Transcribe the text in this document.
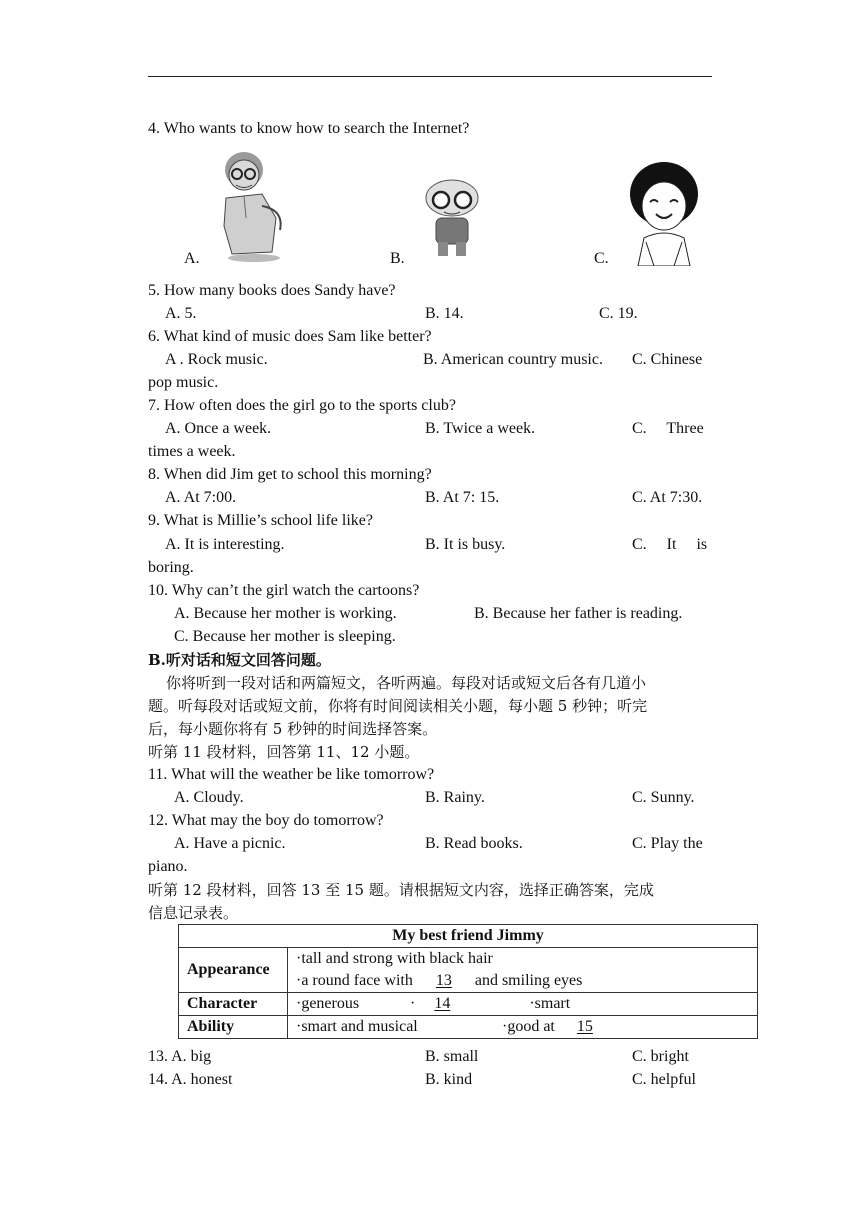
4. Who wants to know how to search the Internet?
A.	B.	C.
5. How many books does Sandy have?
A. 5.	B. 14.	C. 19.
6. What kind of music does Sam like better?
A . Rock music.	B. American country music. C. Chinese
pop music.
7. How often does the girl go to the sports club?
A. Once a week.	B. Twice a week.	C.     Three
times a week.
8. When did Jim get to school this morning?
A. At 7:00.	B. At 7: 15.	C. At 7:30.
9. What is Millie’s school life like?
A. It is interesting.	B. It is busy.	C.     It     is
boring.
10. Why can’t the girl watch the cartoons?
A. Because her mother is working.	B. Because her father is reading.
C. Because her mother is sleeping.
B.听对话和短文回答问题。
你将听到一段对话和两篇短文，各听两遍。每段对话或短文后各有几道小
题。听每段对话或短文前，你将有时间阅读相关小题，每小题 5 秒钟；听完
后，每小题你将有 5 秒钟的时间选择答案。
听第 11 段材料，回答第 11、12 小题。
11. What will the weather be like tomorrow?
A. Cloudy.	B. Rainy.	C. Sunny.
12. What may the boy do tomorrow?
A. Have a picnic.	B. Read books.	C. Play the
piano.
听第 12 段材料，回答 13 至 15 题。请根据短文内容，选择正确答案，完成
信息记录表。
My best friend Jimmy	
Appearance	·tall and strong with black hair
·a round face with 13 and smiling eyes

Character	·generous · 14 ·smart
Ability	·smart and musical ·good at 15
13. A. big	B. small	C. bright
14. A. honest	B. kind	C. helpful
